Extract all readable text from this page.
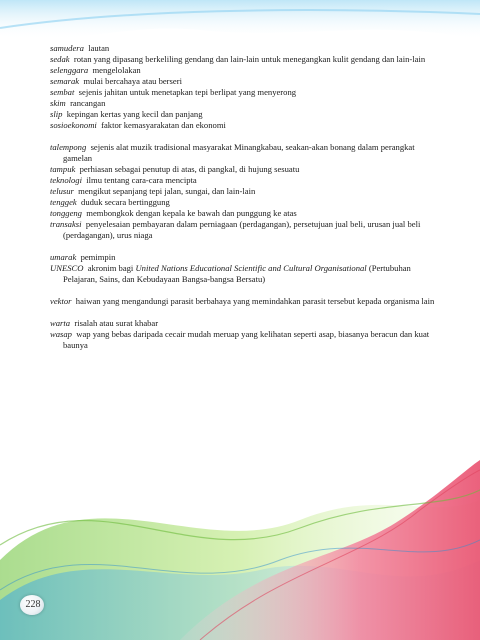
samudera lautan

sedak rotan yang dipasang berkeliling gendang dan lain-lain untuk menegangkan kulit gendang dan lain-lain

selenggara mengelolakan

semarak mulai bercahaya atau berseri

sembat sejenis jahitan untuk menetapkan tepi berlipat yang menyerong

skim rancangan

slip kepingan kertas yang kecil dan panjang

sosioekonomi faktor kemasyarakatan dan ekonomi

talempong sejenis alat muzik tradisional masyarakat Minangkabau, seakan-akan bonang dalam perangkat gamelan

tampuk perhiasan sebagai penutup di atas, di pangkal, di hujung sesuatu

teknologi ilmu tentang cara-cara mencipta

telusur mengikut sepanjang tepi jalan, sungai, dan lain-lain

tenggek duduk secara bertinggung

tonggeng membongkok dengan kepala ke bawah dan punggung ke atas

transaksi penyelesaian pembayaran dalam perniagaan (perdagangan), persetujuan jual beli, urusan jual beli (perdagangan), urus niaga

umarak pemimpin

UNESCO akronim bagi United Nations Educational Scientific and Cultural Organisational (Pertubuhan Pelajaran, Sains, dan Kebudayaan Bangsa-bangsa Bersatu)

vektor haiwan yang mengandungi parasit berbahaya yang memindahkan parasit tersebut kepada organisma lain

warta risalah atau surat khabar

wasap wap yang bebas daripada cecair mudah meruap yang kelihatan seperti asap, biasanya beracun dan kuat baunya

228
